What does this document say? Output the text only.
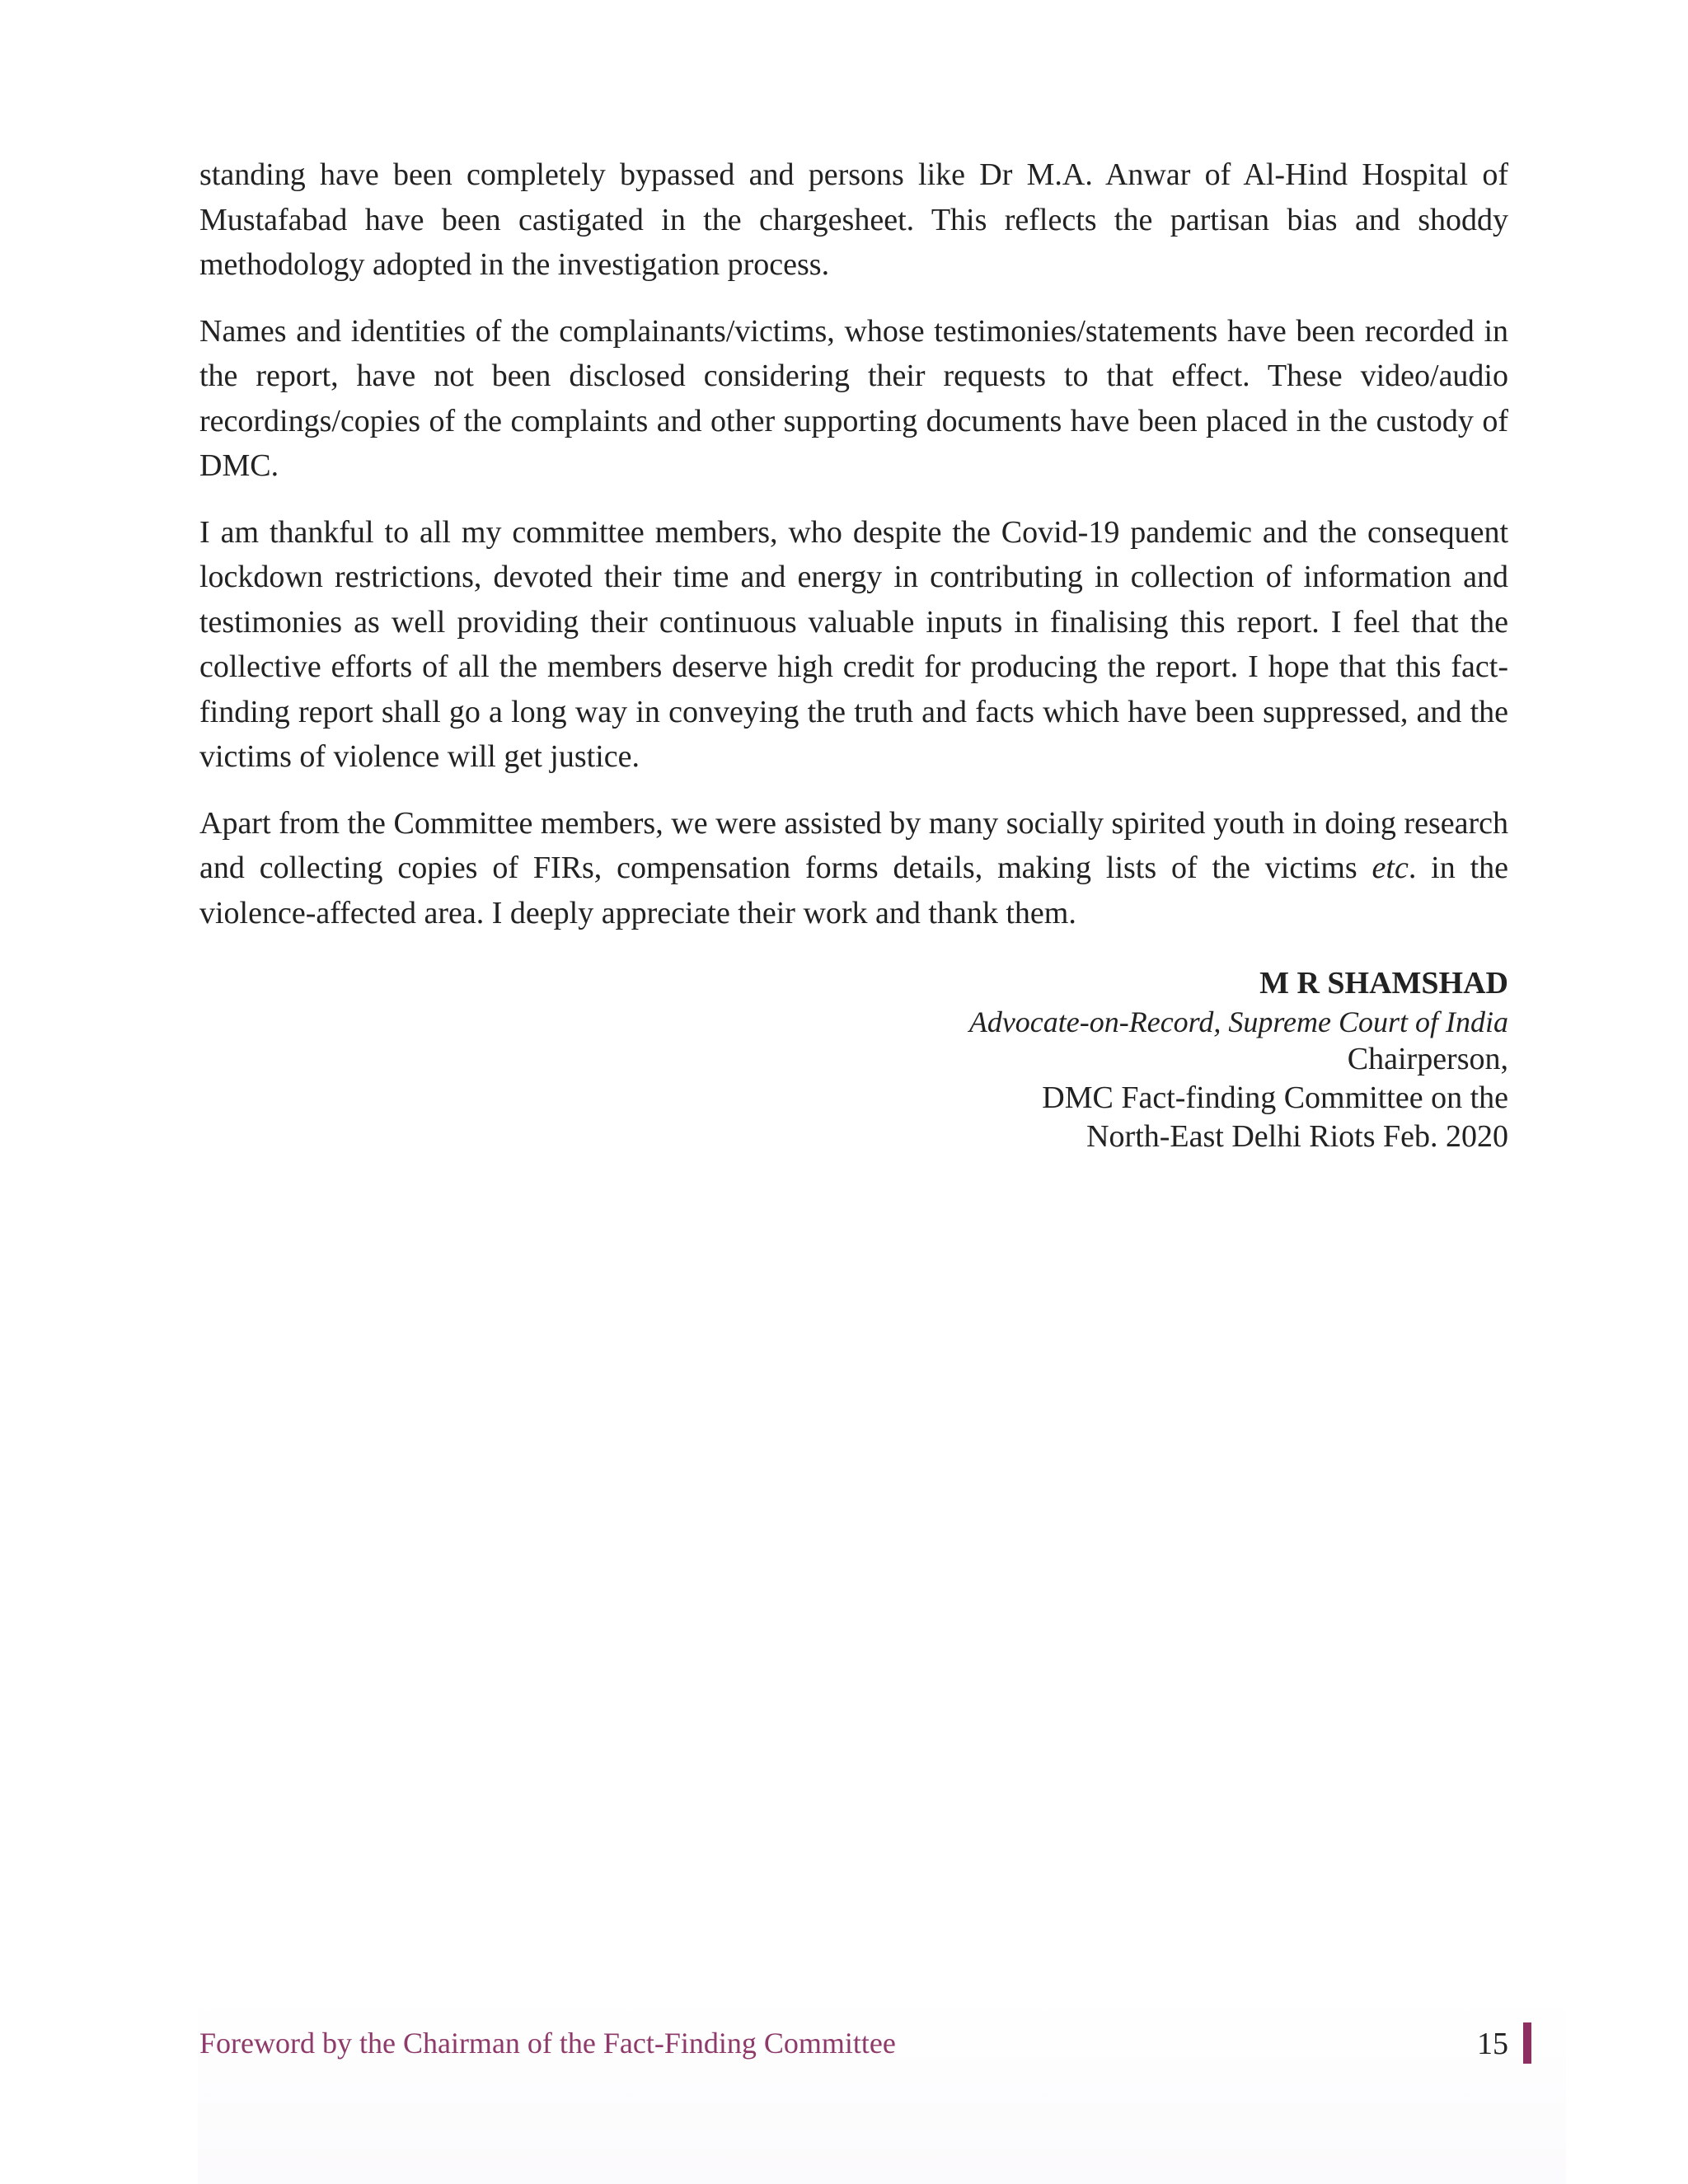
standing have been completely bypassed and persons like Dr M.A. Anwar of Al-Hind Hospital of Mustafabad have been castigated in the chargesheet. This reflects the partisan bias and shoddy methodology adopted in the investigation process.

Names and identities of the complainants/victims, whose testimonies/statements have been recorded in the report, have not been disclosed considering their requests to that effect. These video/audio recordings/copies of the complaints and other supporting documents have been placed in the custody of DMC.

I am thankful to all my committee members, who despite the Covid-19 pandemic and the consequent lockdown restrictions, devoted their time and energy in contributing in collection of information and testimonies as well providing their continuous valuable inputs in finalising this report. I feel that the collective efforts of all the members deserve high credit for producing the report. I hope that this fact-finding report shall go a long way in conveying the truth and facts which have been suppressed, and the victims of violence will get justice.

Apart from the Committee members, we were assisted by many socially spirited youth in doing research and collecting copies of FIRs, compensation forms details, making lists of the victims etc. in the violence-affected area. I deeply appreciate their work and thank them.

M R SHAMSHAD
Advocate-on-Record, Supreme Court of India
Chairperson,
DMC Fact-finding Committee on the
North-East Delhi Riots Feb. 2020
Foreword by the Chairman of the Fact-Finding Committee	15
